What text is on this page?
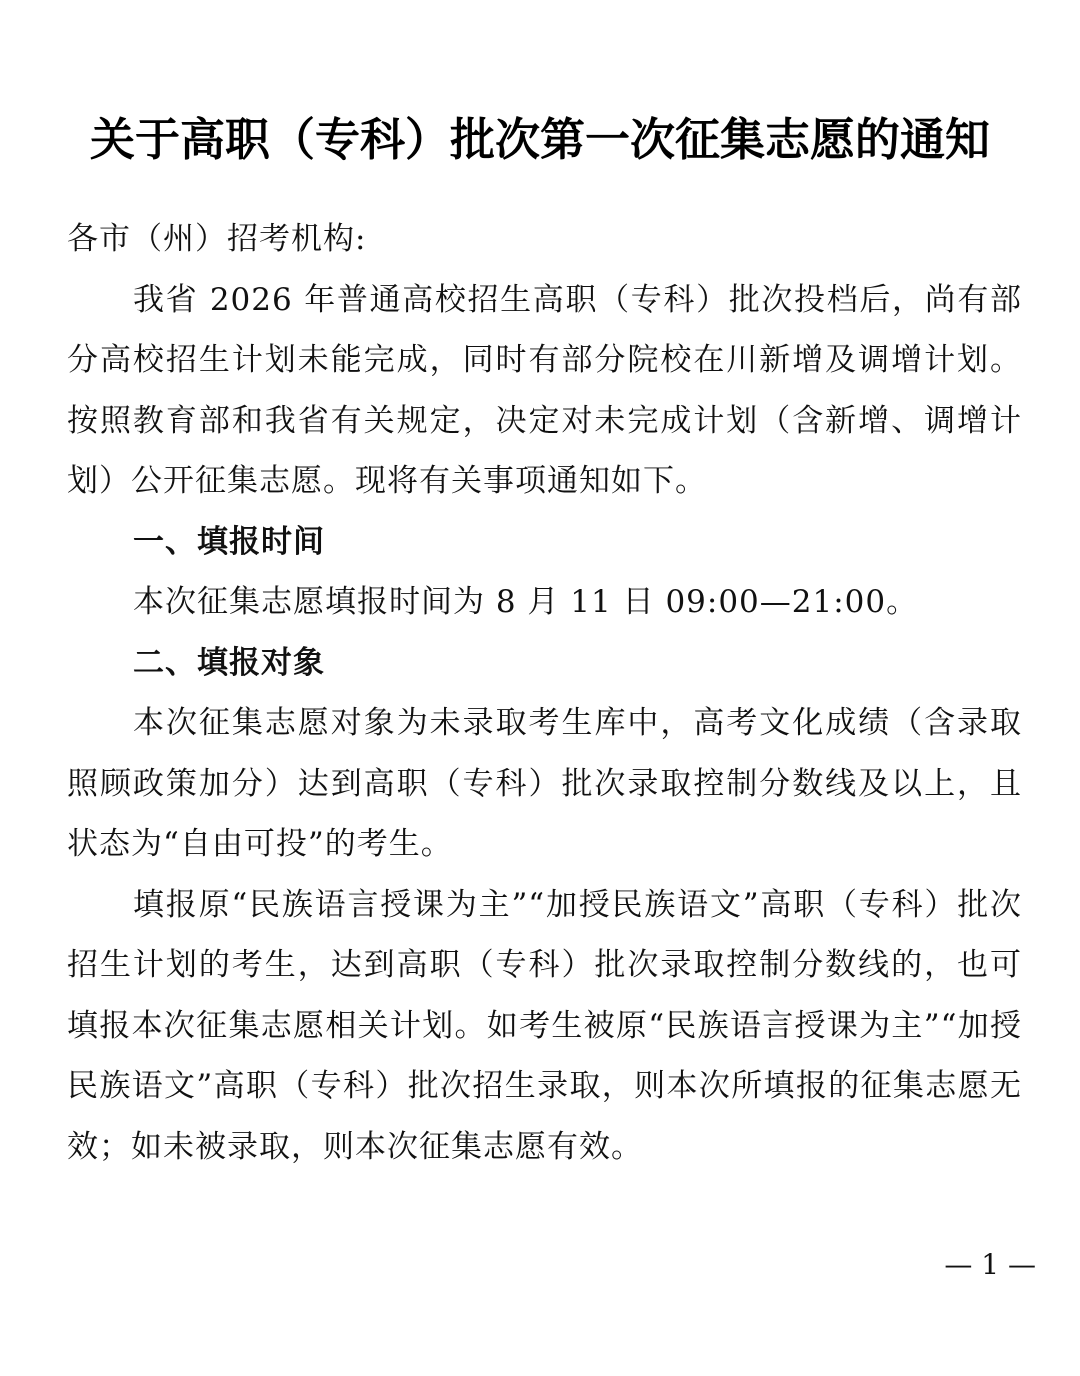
关于高职（专科）批次第一次征集志愿的通知

各市（州）招考机构:

我省 2026 年普通高校招生高职（专科）批次投档后，尚有部分高校招生计划未能完成，同时有部分院校在川新增及调增计划。按照教育部和我省有关规定，决定对未完成计划（含新增、调增计划）公开征集志愿。现将有关事项通知如下。

一、填报时间

本次征集志愿填报时间为 8 月 11 日 09:00—21:00。

二、填报对象

本次征集志愿对象为未录取考生库中，高考文化成绩（含录取照顾政策加分）达到高职（专科）批次录取控制分数线及以上，且状态为“自由可投”的考生。

填报原“民族语言授课为主”“加授民族语文”高职（专科）批次招生计划的考生，达到高职（专科）批次录取控制分数线的，也可填报本次征集志愿相关计划。如考生被原“民族语言授课为主”“加授民族语文”高职（专科）批次招生录取，则本次所填报的征集志愿无效；如未被录取，则本次征集志愿有效。

— 1 —
